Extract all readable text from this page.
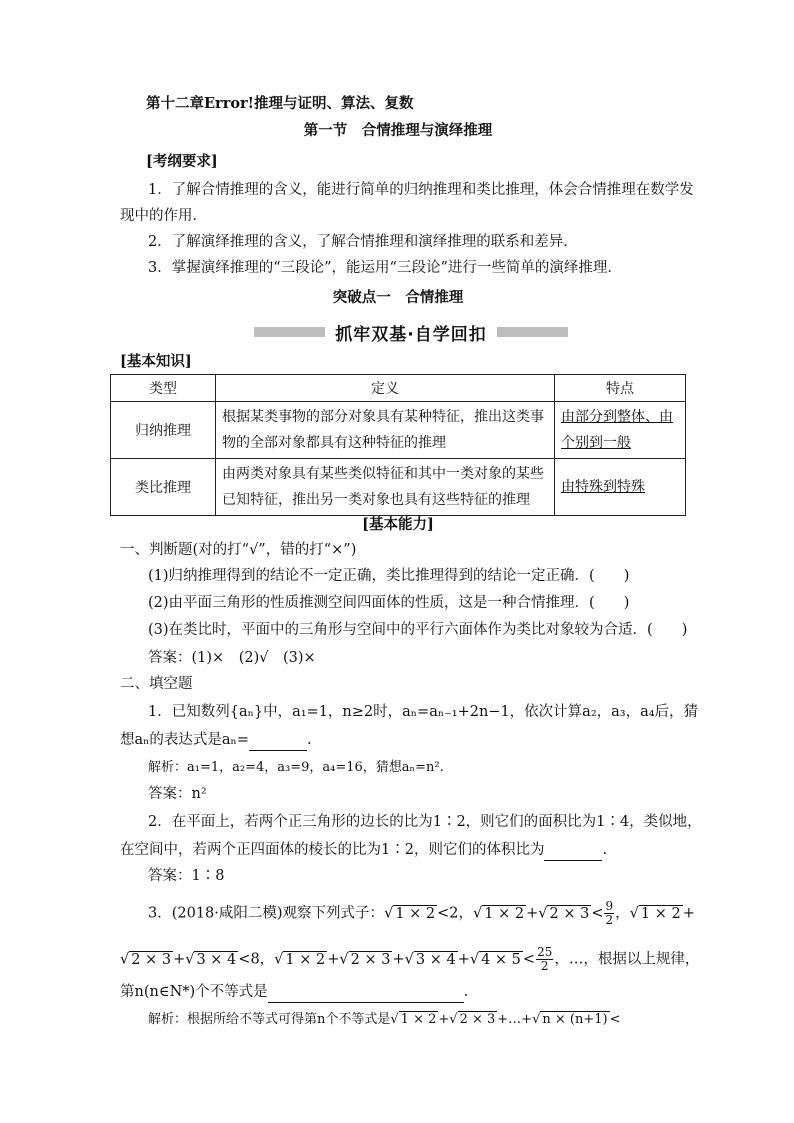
第十二章Error!推理与证明、算法、复数
第一节　合情推理与演绎推理
[考纲要求]
1．了解合情推理的含义，能进行简单的归纳推理和类比推理，体会合情推理在数学发
现中的作用．
2．了解演绎推理的含义，了解合情推理和演绎推理的联系和差异．
3．掌握演绎推理的“三段论”，能运用“三段论”进行一些简单的演绎推理．
突破点一　合情推理
抓牢双基·自学回扣
[基本知识]
类型	定义	特点
归纳推理	根据某类事物的部分对象具有某种特征，推出这类事物的全部对象都具有这种特征的推理	由部分到整体、由
个别到一般
类比推理	由两类对象具有某些类似特征和其中一类对象的某些已知特征，推出另一类对象也具有这些特征的推理	由特殊到特殊
[基本能力]
一、判断题(对的打“√”，错的打“×”)
(1)归纳推理得到的结论不一定正确，类比推理得到的结论一定正确．(　　)
(2)由平面三角形的性质推测空间四面体的性质，这是一种合情推理．(　　)
(3)在类比时，平面中的三角形与空间中的平行六面体作为类比对象较为合适．(　　)
答案：(1)×　(2)√　(3)×
二、填空题
1．已知数列{aₙ}中，a₁=1，n≥2时，aₙ=aₙ₋₁+2n−1，依次计算a₂，a₃，a₄后，猜
想aₙ的表达式是aₙ=	.
解析：a₁=1，a₂=4，a₃=9，a₄=16，猜想aₙ=n².
答案：n²
2．在平面上，若两个正三角形的边长的比为1∶2，则它们的面积比为1∶4，类似地，
在空间中，若两个正四面体的棱长的比为1∶2，则它们的体积比为	.
答案：1∶8
3．(2018·咸阳二模)观察下列式子：√ 1 × 2 <2，√ 1 × 2 +√ $2 \times 3 < \frac{9}{2}$ ，√ 1 × 2 +
√ 2 × 3 +√ 3 × 4 <8，√ 1 × 2 +√ 2 × 3 +√ 3 × 4 +√ $4 \times 5 < \frac{25}{2}$ ，…，根据以上规律，
第n(n∈N*)个不等式是	.
解析：根据所给不等式可得第n个不等式是√ 1 × 2 +√ 2 × 3 +…+√ n × (n+1) <
